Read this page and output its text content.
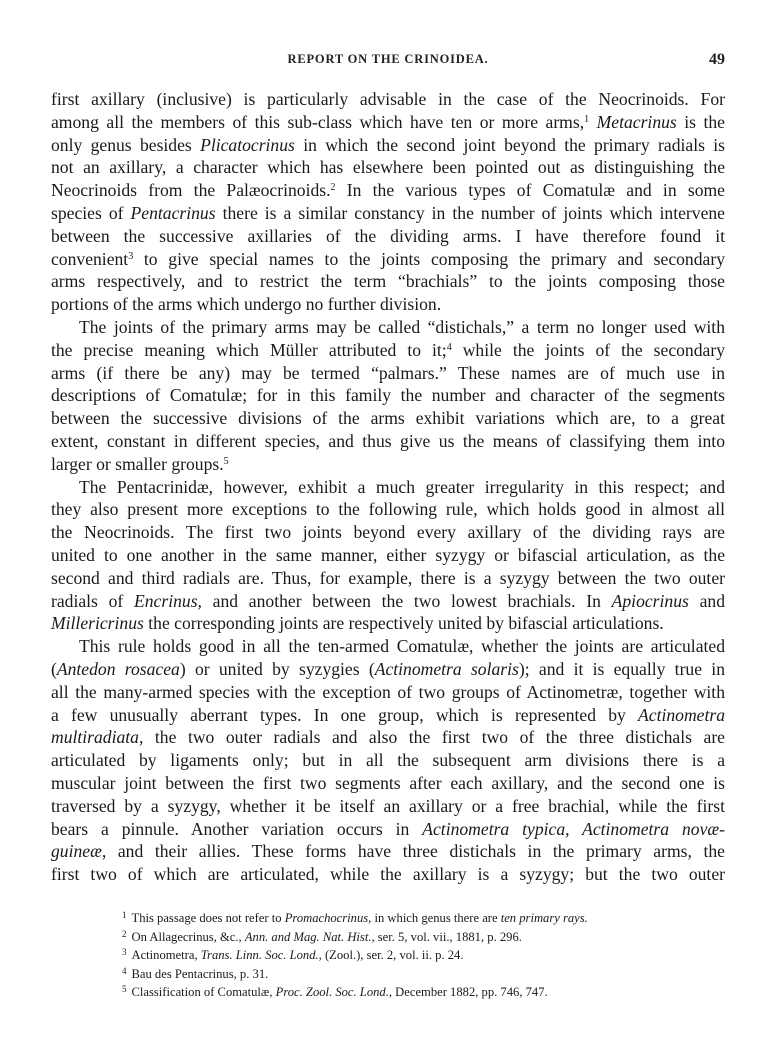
REPORT ON THE CRINOIDEA.	49
first axillary (inclusive) is particularly advisable in the case of the Neocrinoids. For
among all the members of this sub-class which have ten or more arms,$^1$ Metacrinus is the
only genus besides Plicatocrinus in which the second joint beyond the primary radials is
not an axillary, a character which has elsewhere been pointed out as distinguishing the
Neocrinoids from the Palæocrinoids.$^2$ In the various types of Comatulæ and in some
species of Pentacrinus there is a similar constancy in the number of joints which intervene
between the successive axillaries of the dividing arms. I have therefore found it
convenient$^3$ to give special names to the joints composing the primary and secondary
arms respectively, and to restrict the term “brachials” to the joints composing those
portions of the arms which undergo no further division.
The joints of the primary arms may be called “distichals,” a term no longer used with
the precise meaning which Müller attributed to it;$^4$ while the joints of the secondary
arms (if there be any) may be termed “palmars.” These names are of much use in
descriptions of Comatulæ; for in this family the number and character of the segments
between the successive divisions of the arms exhibit variations which are, to a great
extent, constant in different species, and thus give us the means of classifying them into
larger or smaller groups.$^5$
The Pentacrinidæ, however, exhibit a much greater irregularity in this respect; and
they also present more exceptions to the following rule, which holds good in almost all
the Neocrinoids. The first two joints beyond every axillary of the dividing rays are
united to one another in the same manner, either syzygy or bifascial articulation, as the
second and third radials are. Thus, for example, there is a syzygy between the two outer
radials of Encrinus, and another between the two lowest brachials. In Apiocrinus and
Millericrinus the corresponding joints are respectively united by bifascial articulations.
This rule holds good in all the ten-armed Comatulæ, whether the joints are articulated
(Antedon rosacea) or united by syzygies (Actinometra solaris); and it is equally true in
all the many-armed species with the exception of two groups of Actinometræ, together with
a few unusually aberrant types. In one group, which is represented by Actinometra
multiradiata, the two outer radials and also the first two of the three distichals are
articulated by ligaments only; but in all the subsequent arm divisions there is a
muscular joint between the first two segments after each axillary, and the second one is
traversed by a syzygy, whether it be itself an axillary or a free brachial, while the first
bears a pinnule. Another variation occurs in Actinometra typica, Actinometra novæ-
guineæ, and their allies. These forms have three distichals in the primary arms, the
first two of which are articulated, while the axillary is a syzygy; but the two outer
$^1$ This passage does not refer to Promachocrinus, in which genus there are ten primary rays.
$^2$ On Allagecrinus, &c., Ann. and Mag. Nat. Hist., ser. 5, vol. vii., 1881, p. 296.
$^3$ Actinometra, Trans. Linn. Soc. Lond., (Zool.), ser. 2, vol. ii. p. 24.
$^4$ Bau des Pentacrinus, p. 31.
$^5$ Classification of Comatulæ, Proc. Zool. Soc. Lond., December 1882, pp. 746, 747.
